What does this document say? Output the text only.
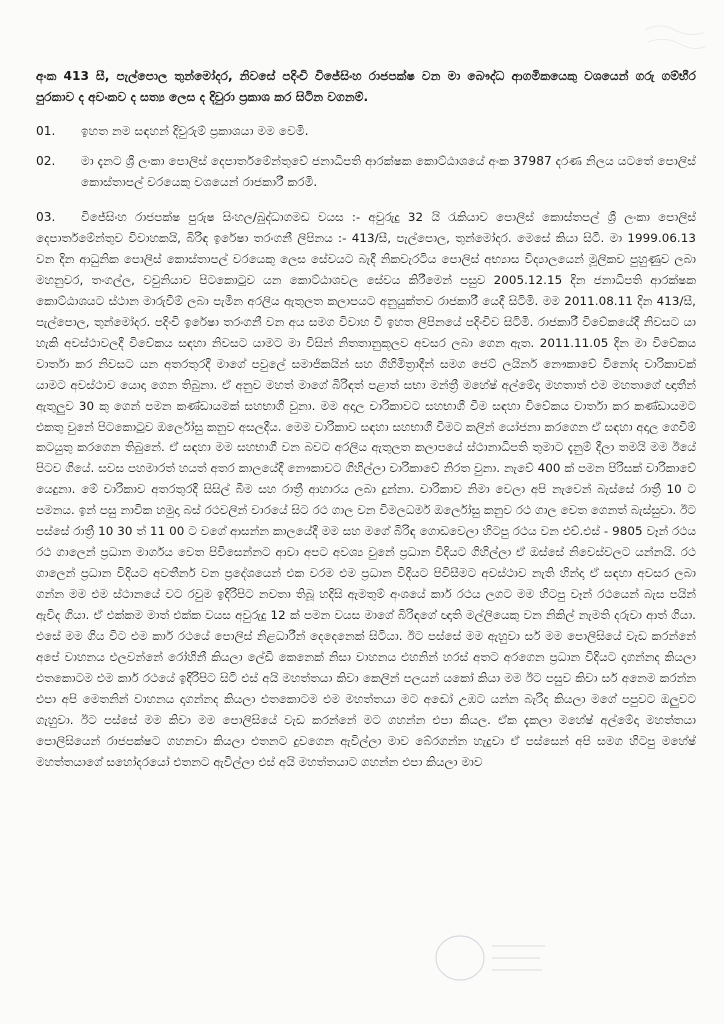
අංක 413 සී, පැල්පොල තුන්මෝදර, නිවසේ පදිංචි විජේසිංහ රාජපක්ෂ වන මා බෞද්ධ ආගමිකයෙකු වශයෙන් ගරු ගම්භීර පුරකාව ද අවංකව ද සත්‍ය ලෙස ද දිවුරා ප්‍රකාශ කර සිටින වගනම්.
01.	ඉහත නම සඳහන් දිවුරුම් ප්‍රකාශයා මම වෙමි.
02.	මා දැනට ශ්‍රී ලංකා පොලිස් දෙපාර්තමේන්තුවේ ජනාධිපති ආරක්ෂක කොට්ඨාශයේ අංක 37987 දරණ නිලය යටතේ පොලිස් කොස්තාපල් වරයෙකු වශයෙන් රාජකාරී කරමි.
03.	විජේසිංහ රාජපක්ෂ පුරුෂ සිංහල/බුද්ධාගමඩ වයස :- අවුරුදු 32 යි රැකියාව පොලිස් කොස්තපල් ශ්‍රී ලංකා පොලිස් දෙපාර්තමේන්තුව විවාහකයි, බිරිඳ ඉරේෂා තරංගනී ලිපිනය :- 413/සී, පැල්පොල, තුන්මෝදර. මෙසේ කියා සිටී. මා 1999.06.13 වන දින ආධුනික පොලිස් කොස්තාපල් වරයෙකු ලෙස සේවයට බැදී නිකවැරටිය පොලිස් අභ්‍යාස විද්‍යාලයෙන් මූලිකව පුහුණුව ලබා මහනුවර, තංගල්ල, වවුනියාව පිටකොටුව යන කොට්ඨාශවල සේවය කිරීමෙන් පසුව 2005.12.15 දින ජනාධිපති ආරක්ෂක කොට්ඨාශයට ස්ථාන මාරුවීම් ලබා පැමින අරලිය ඇතුලත කලාපයට අනුයුක්තව රාජකාරී යෙදී සිටිමි. මම 2011.08.11 දින 413/සී, පැල්පොල, තුන්මෝදර. පදිංචි ඉරේෂා තරංගනී වන අය සමග විවාහ වී ඉහත ලිපිනයේ පදිංචිව සිටිමි. රාජකාරී විවේකයේදී නිවසට යා හැකි අවස්ථාවලදී විවේකය සඳහා නිවසට යාමට මා විසින් නිතතානුකූලව අවසර ලබා ගෙන ඇත. 2011.11.05 දින මා විවේකය වාර්තා කර නිවසට යන අතරතුරදී මාගේ පවුලේ සමාජිකයින් සහ ගිහිමිත්‍රාදීන් සමග ජෙට් ලයිනර් නෞකාවේ විනෝද චාරිකාවක් යාමට අවස්ථාව යොදා ගෙන තිබුනා. ඒ අනුව මහත් මාගේ බිරිඳත් පළාත් සභා මන්ත්‍රී මහේෂ් අල්මේදා මහතාත් එම මහතාගේ ඥාතීන් ඇතුලුව 30 කු ගෙන් පමන කණ්ඩායමක් සහභාගී වුනා. මම අදාල චාරිකාවට සහභාගී වීම සඳහා විවේකය වාර්තා කර කණ්ඩායමට එකතු වුනේ පිටකොටුව ඔර්ලෝසු කනුව අසලදීය. මෙම චාරිකාව සඳහා සහභාගී වීමට කලින් යෝජනා කරගෙන ඒ සඳහා අදාල ගෙවීම් කටයුතු කරගෙන තිබුනේ. ඒ සඳහා මම සහභාගී වන බවට අරලිය ඇතුලත කලාපයේ ස්ථානාධිපති තුමාට දැනුම් දීලා තමයි මම ඊයේ පිටව ගියේ. සවස පහමාරත් හයත් අතර කාලයේදී නෞකාවට ගිහිල්ලා චාරිකාවේ නිරත වුනා. නැවේ 400 ක් පමන පිරිසක් චාරිකාවේ යෙදුනා. මේ චාරිකාව අතරතුරදී සිසිල් බීම සහ රාත්‍රී ආහාරය ලබා දුන්නා. චාරිකාව නිමා වෙලා අපි නැවෙන් බැස්සේ රාත්‍රී 10 ට පමනය. ඉන් පසු නාවික හමුදා බස් රථවලින් වාරයේ සිට රථ ගාල වන විමලධර්ම ඔර්ලෝසු කනුව රථ ගාල වෙත ගෙනත් බැස්සුවා. ඊට පස්සේ රාත්‍රී 10 30 ත් 11 00 ට වගේ ආසන්න කාලයේදී මම සහ මගේ බිරිඳ ගොඩවෙලා හිටපු රථය වන එච්.එස් - 9805 වෑන් රථය රථ ගාලෙන් ප්‍රධාන මාර්ගය වෙත පිවිසෙන්නට ආවා අපට අවශ්‍ය වුනේ ප්‍රධාන විදියට ගිහිල්ලා ඒ ඔස්සේ නිවෙස්වලට යන්නයි. රථ ගාලෙන් ප්‍රධාන විදියට අවතීර්න වන ප්‍රදේශයෙන් එක වරම එම ප්‍රධාන විදියට පිවිසීමට අවස්ථාව නැති හින්දා ඒ සඳහා අවසර ලබා ගන්න මම එම ස්ථානයේ වට රවුම ඉදිරිපිට නවතා තිබූ හදිසි ඇමතුම් අංශයේ කාර් රථය ලගට මම හිටපු වෑන් රථයෙන් බැස පයින් ඇවිද ගියා. ඒ එක්කම මාත් එක්ක වයස අවුරුදු 12 ක් පමන වයස මාගේ බිරිඳගේ ඥාති මල්ලියෙකු වන නිකිල් නැමති දරුවා ආත් ගියා. එසේ මම ගිය විට එම කාර් රථයේ පොලිස් නිළධාරීන් දෙදෙනෙක් සිටියා. ඊට පස්සේ මම ඇහුවා සර් මම පොලිසියේ වැඩ කරන්නේ අපේ වාහනය එලවන්නේ රෝහිනී කියලා ලේඩි කෙනෙක් නිසා වාහනය එහනින් හරස් අතට අරගෙන ප්‍රධාන විදියට දාගන්නද කියලා එතකොටම එම කාර් රථයේ ඉදිරිපිට සිටි එස් අයි මහත්තයා කිවා කෙලින් පලයන් යකෝ කියා මම ඊට පසුව කිවා සර් අනෙම කරන්න එපා අපි මෙතනින් වාහනය දාගන්නද කියලා එතකොටම එම මහත්තයා මට අඬෝ උඹට යන්න බැරිද කියලා මගේ පපුවට ඔලුවට ගැහුවා. ඊට පස්සේ මම කිවා මම පොලිසියේ වැඩ කරන්නේ මට ගහන්න එපා කියල. ඒක දැකලා මහේෂ් අල්මේදා මහත්තයා පොලිසියෙන් රාජපක්ෂට ගහනවා කියලා එතනට දුවගෙන ඇවිල්ලා මාව බේරගන්න හැදුවා ඒ පස්සෙන් අපි සමග හිටපු මහේෂ් මහත්තයාගේ සහෝදරයෝ එතනට ඇවිල්ලා එස් අයි මහත්තයාට ගහන්න එපා කියලා මාව
